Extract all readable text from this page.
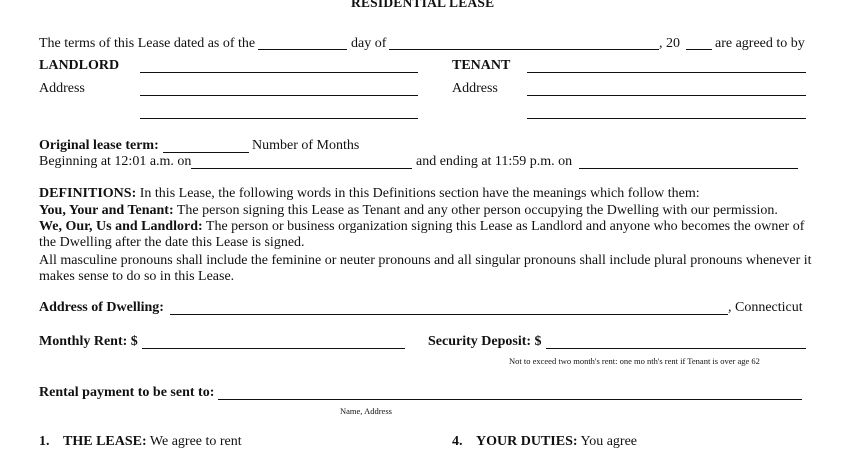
RESIDENTIAL LEASE
The terms of this Lease dated as of the	day of	, 20	are agreed to by
LANDLORD
Address
TENANT
Address
Original lease term:	Number of Months
Beginning at 12:01 a.m. on	and ending at 11:59 p.m. on
DEFINITIONS: In this Lease, the following words in this Definitions section have the meanings which follow them:
You, Your and Tenant: The person signing this Lease as Tenant and any other person occupying the Dwelling with our permission.
We, Our, Us and Landlord: The person or business organization signing this Lease as Landlord and anyone who becomes the owner of
the Dwelling after the date this Lease is signed.
All masculine pronouns shall include the feminine or neuter pronouns and all singular pronouns shall include plural pronouns whenever it
makes sense to do so in this Lease.
Address of Dwelling:	, Connecticut
Monthly Rent: $	Security Deposit: $
Not to exceed two month's rent: one mo nth's rent if Tenant is over age 62
Rental payment to be sent to:
Name, Address
1. THE LEASE: We agree to rent	4. YOUR DUTIES: You agree
